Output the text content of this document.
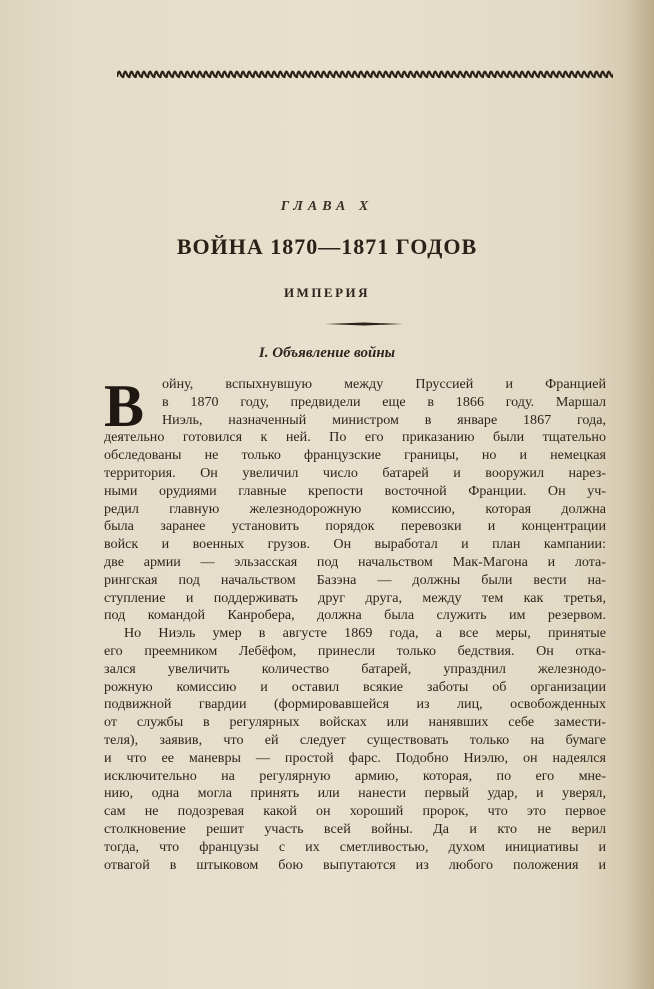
ГЛАВА X
ВОЙНА 1870—1871 ГОДОВ
ИМПЕРИЯ
I. Объявление войны
В	ойну, вспыхнувшую между Пруссией и Францией
в 1870 году, предвидели еще в 1866 году. Маршал
Ниэль, назначенный министром в январе 1867 года,
деятельно готовился к ней. По его приказанию были тщательно
обследованы не только французские границы, но и немецкая
территория. Он увеличил число батарей и вооружил нарез-
ными орудиями главные крепости восточной Франции. Он уч-
редил главную железнодорожную комиссию, которая должна
была заранее установить порядок перевозки и концентрации
войск и военных грузов. Он выработал и план кампании:
две армии — эльзасская под начальством Мак-Магона и лота-
рингская под начальством Базэна — должны были вести на-
ступление и поддерживать друг друга, между тем как третья,
под командой Канробера, должна была служить им резервом.
Но Ниэль умер в августе 1869 года, а все меры, принятые
его преемником Лебёфом, принесли только бедствия. Он отка-
зался увеличить количество батарей, упразднил железнодо-
рожную комиссию и оставил всякие заботы об организации
подвижной гвардии (формировавшейся из лиц, освобожденных
от службы в регулярных войсках или нанявших себе замести-
теля), заявив, что ей следует существовать только на бумаге
и что ее маневры — простой фарс. Подобно Ниэлю, он надеялся
исключительно на регулярную армию, которая, по его мне-
нию, одна могла принять или нанести первый удар, и уверял,
сам не подозревая какой он хороший пророк, что это первое
столкновение решит участь всей войны. Да и кто не верил
тогда, что французы с их сметливостью, духом инициативы и
отвагой в штыковом бою выпутаются из любого положения и
